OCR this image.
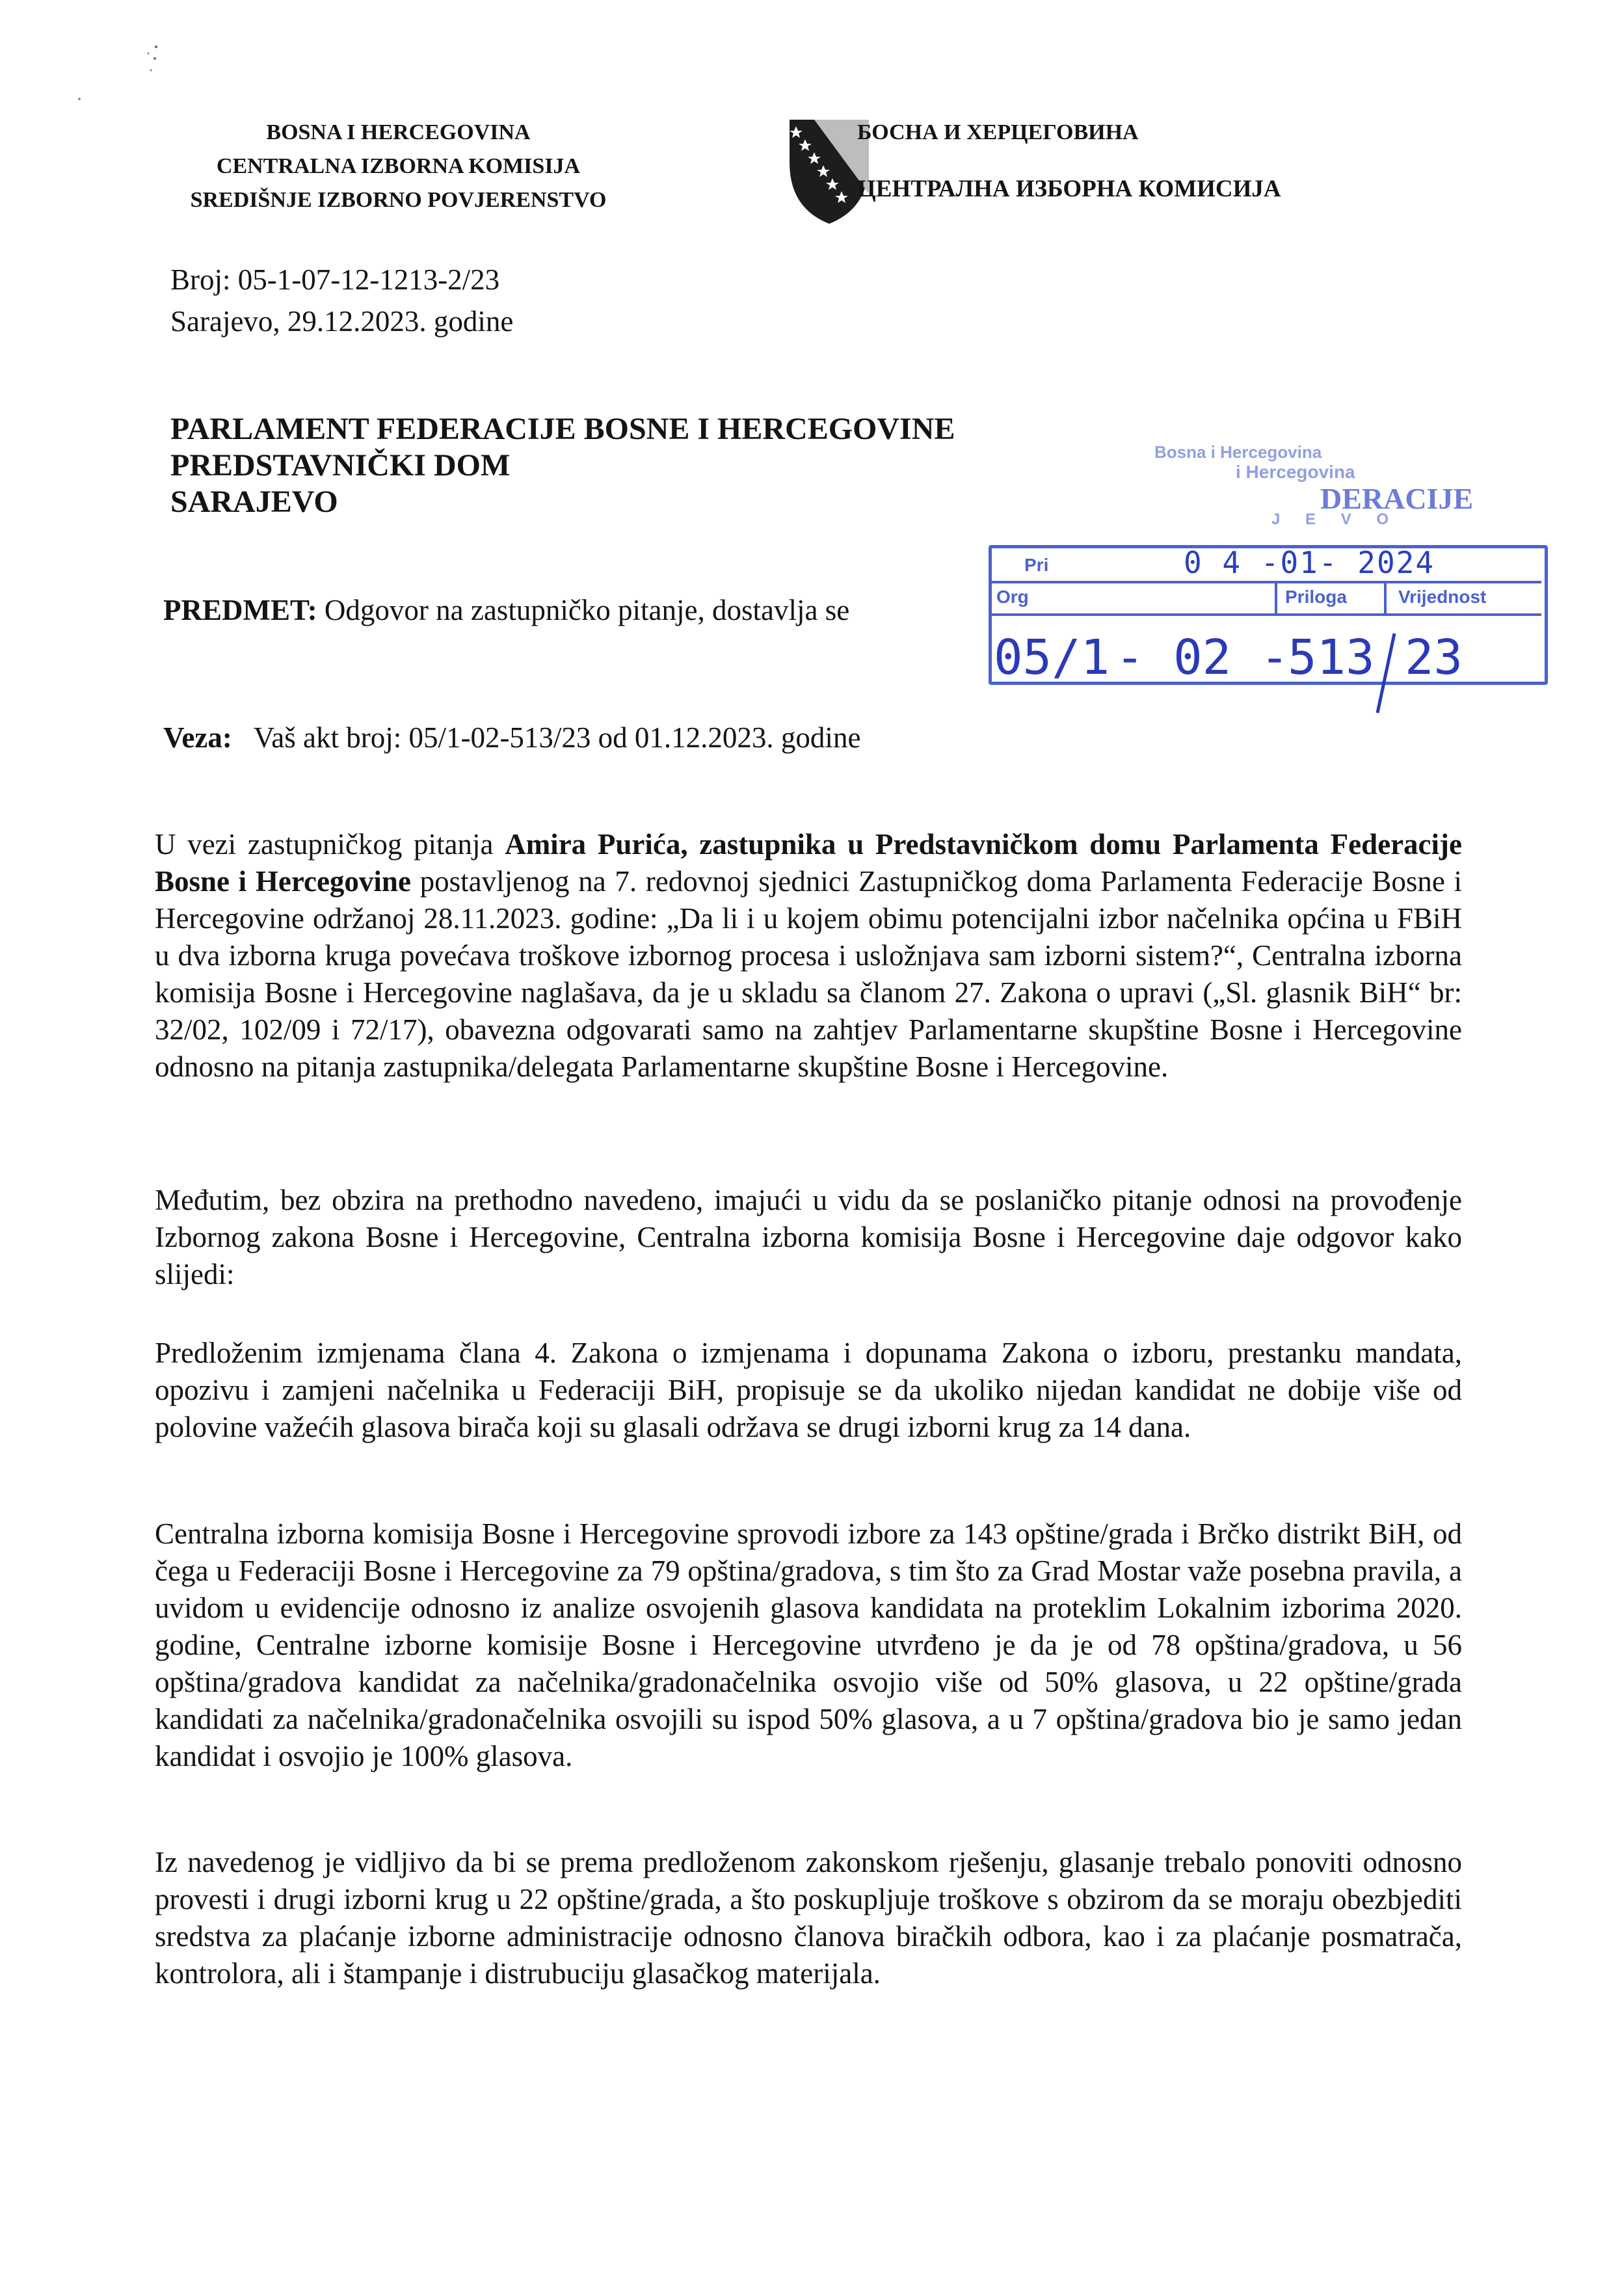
BOSNA I HERCEGOVINA
CENTRALNA IZBORNA KOMISIJA
SREDIŠNJE IZBORNO POVJERENSTVO
БОСНА И ХЕРЦЕГОВИНА
ЦЕНТРАЛНА ИЗБОРНА КОМИСИЈА
Broj: 05-1-07-12-1213-2/23
Sarajevo, 29.12.2023. godine
PARLAMENT FEDERACIJE BOSNE I HERCEGOVINE
PREDSTAVNIČKI DOM
SARAJEVO
PREDMET: Odgovor na zastupničko pitanje, dostavlja se
Veza: Vaš akt broj: 05/1-02-513/23 od 01.12.2023. godine
Bosna i Hercegovina
i Hercegovina
DERACIJE
J E V O
Pri	0 4 -01- 2024
Org	Priloga	Vrijednost
05/1 - 02 -
513 23
U vezi zastupničkog pitanja Amira Purića, zastupnika u Predstavničkom domu Parlamenta Federacije Bosne i Hercegovine postavljenog na 7. redovnoj sjednici Zastupničkog doma Parlamenta Federacije Bosne i Hercegovine održanoj 28.11.2023. godine: „Da li i u kojem obimu potencijalni izbor načelnika općina u FBiH u dva izborna kruga povećava troškove izbornog procesa i usložnjava sam izborni sistem?“, Centralna izborna komisija Bosne i Hercegovine naglašava, da je u skladu sa članom 27. Zakona o upravi („Sl. glasnik BiH“ br: 32/02, 102/09 i 72/17), obavezna odgovarati samo na zahtjev Parlamentarne skupštine Bosne i Hercegovine odnosno na pitanja zastupnika/delegata Parlamentarne skupštine Bosne i Hercegovine.
Međutim, bez obzira na prethodno navedeno, imajući u vidu da se poslaničko pitanje odnosi na provođenje Izbornog zakona Bosne i Hercegovine, Centralna izborna komisija Bosne i Hercegovine daje odgovor kako slijedi:
Predloženim izmjenama člana 4. Zakona o izmjenama i dopunama Zakona o izboru, prestanku mandata, opozivu i zamjeni načelnika u Federaciji BiH, propisuje se da ukoliko nijedan kandidat ne dobije više od polovine važećih glasova birača koji su glasali održava se drugi izborni krug za 14 dana.
Centralna izborna komisija Bosne i Hercegovine sprovodi izbore za 143 opštine/grada i Brčko distrikt BiH, od čega u Federaciji Bosne i Hercegovine za 79 opština/gradova, s tim što za Grad Mostar važe posebna pravila, a uvidom u evidencije odnosno iz analize osvojenih glasova kandidata na proteklim Lokalnim izborima 2020. godine, Centralne izborne komisije Bosne i Hercegovine utvrđeno je da je od 78 opština/gradova, u 56 opština/gradova kandidat za načelnika/gradonačelnika osvojio više od 50% glasova, u 22 opštine/grada kandidati za načelnika/gradonačelnika osvojili su ispod 50% glasova, a u 7 opština/gradova bio je samo jedan kandidat i osvojio je 100% glasova.
Iz navedenog je vidljivo da bi se prema predloženom zakonskom rješenju, glasanje trebalo ponoviti odnosno provesti i drugi izborni krug u 22 opštine/grada, a što poskupljuje troškove s obzirom da se moraju obezbjediti sredstva za plaćanje izborne administracije odnosno članova biračkih odbora, kao i za plaćanje posmatrača, kontrolora, ali i štampanje i distrubuciju glasačkog materijala.
